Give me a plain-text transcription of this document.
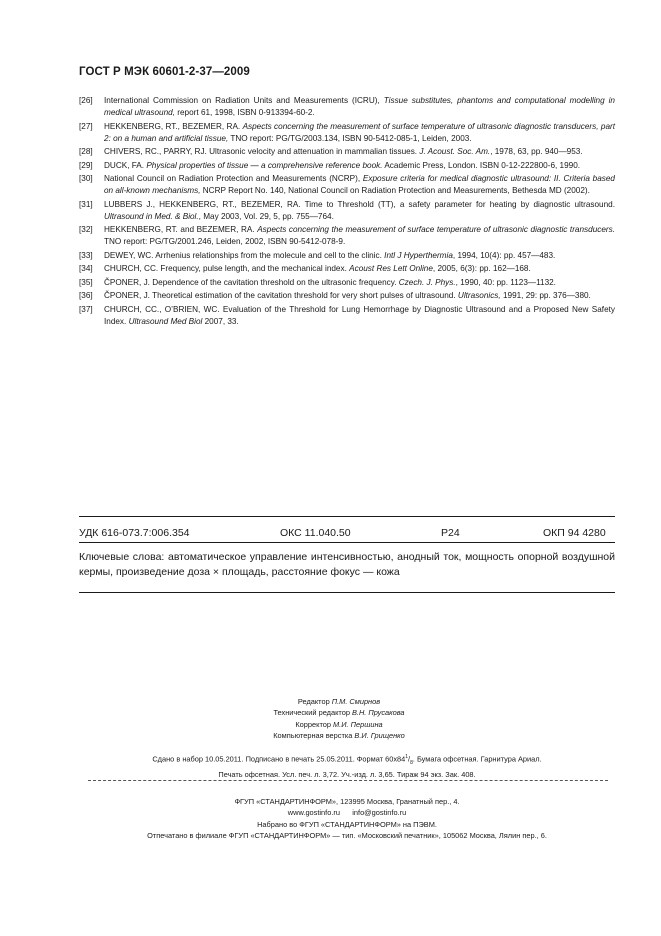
ГОСТ Р МЭК 60601-2-37—2009
[26]	International Commission on Radiation Units and Measurements (ICRU), Tissue substitutes, phantoms and computational modelling in medical ultrasound, report 61, 1998, ISBN 0-913394-60-2.
[27]	HEKKENBERG, RT., BEZEMER, RA. Aspects concerning the measurement of surface temperature of ultrasonic diagnostic transducers, part 2: on a human and artificial tissue, TNO report: PG/TG/2003.134, ISBN 90-5412-085-1, Leiden, 2003.
[28]	CHIVERS, RC., PARRY, RJ. Ultrasonic velocity and attenuation in mammalian tissues. J. Acoust. Soc. Am., 1978, 63, pp. 940—953.
[29]	DUCK, FA. Physical properties of tissue — a comprehensive reference book. Academic Press, London. ISBN 0-12-222800-6, 1990.
[30]	National Council on Radiation Protection and Measurements (NCRP), Exposure criteria for medical diagnostic ultrasound: II. Criteria based on all-known mechanisms, NCRP Report No. 140, National Council on Radiation Protection and Measurements, Bethesda MD (2002).
[31]	LUBBERS J., HEKKENBERG, RT., BEZEMER, RA. Time to Threshold (TT), a safety parameter for heating by diagnostic ultrasound. Ultrasound in Med. & Biol., May 2003, Vol. 29, 5, pp. 755—764.
[32]	HEKKENBERG, RT. and BEZEMER, RA. Aspects concerning the measurement of surface temperature of ultrasonic diagnostic transducers. TNO report: PG/TG/2001.246, Leiden, 2002, ISBN 90-5412-078-9.
[33]	DEWEY, WC. Arrhenius relationships from the molecule and cell to the clinic. Intl J Hyperthermia, 1994, 10(4): pp. 457—483.
[34]	CHURCH, CC. Frequency, pulse length, and the mechanical index. Acoust Res Lett Online, 2005, 6(3): pp. 162—168.
[35]	ČPONER, J. Dependence of the cavitation threshold on the ultrasonic frequency. Czech. J. Phys., 1990, 40: pp. 1123—1132.
[36]	ČPONER, J. Theoretical estimation of the cavitation threshold for very short pulses of ultrasound. Ultrasonics, 1991, 29: pp. 376—380.
[37]	CHURCH, CC., O’BRIEN, WC. Evaluation of the Threshold for Lung Hemorrhage by Diagnostic Ultrasound and a Proposed New Safety Index. Ultrasound Med Biol 2007, 33.
УДК 616-073.7:006.354	ОКС 11.040.50	Р24	ОКП 94 4280
Ключевые слова: автоматическое управление интенсивностью, анодный ток, мощность опорной воздушной кермы, произведение доза × площадь, расстояние фокус — кожа
Редактор П.М. Смирнов
Технический редактор В.Н. Прусакова
Корректор М.И. Першина
Компьютерная верстка В.И. Грищенко
Сдано в набор 10.05.2011. Подписано в печать 25.05.2011. Формат $60х84^1/_8$. Бумага офсетная. Гарнитура Ариал.
Печать офсетная. Усл. печ. л. 3,72. Уч.-изд. л. 3,65. Тираж 94 экз. Зак. 408.
ФГУП «СТАНДАРТИНФОРМ», 123995 Москва, Гранатный пер., 4.
www.gostinfo.ru      info@gostinfo.ru
Набрано во ФГУП «СТАНДАРТИНФОРМ» на ПЭВМ.
Отпечатано в филиале ФГУП «СТАНДАРТИНФОРМ» — тип. «Московский печатник», 105062 Москва, Лялин пер., 6.
